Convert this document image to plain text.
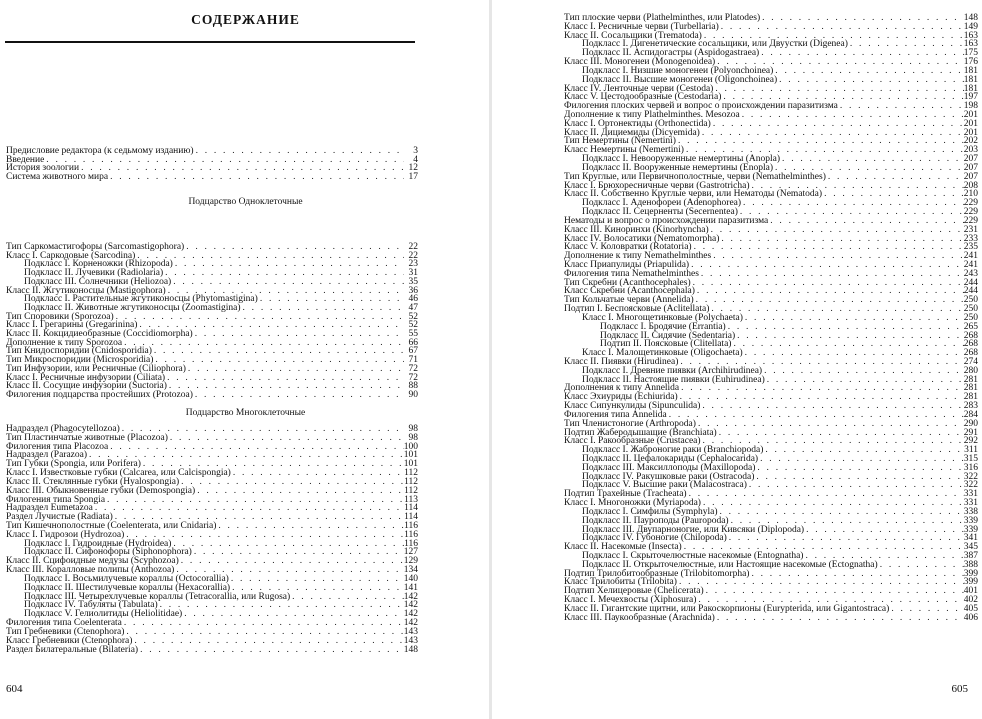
СОДЕРЖАНИЕ
Предисловие редактора (к седьмому изданию) . . .	3
Введение . . .	4
История зоологии . . .	12
Система животного мира . . .	17
Подцарство Одноклеточные
Тип Саркомастигофоры (Sarcomastigophora) . . .	22
Класс I. Саркодовые (Sarcodina) . . .	22
Подкласс I. Корненожки (Rhizopoda) . . .	23
Подкласс II. Лучевики (Radiolaria) . . .	31
Подкласс III. Солнечники (Heliozoa) . . .	35
Класс II. Жгутиконосцы (Mastigophora) . . .	36
Подкласс I. Растительные жгутиконосцы (Phytomastigina) . . .	46
Подкласс II. Животные жгутиконосцы (Zoomastigina) . . .	47
Тип Споровики (Sporozoa) . . .	52
Класс I. Грегарины (Gregarinina) . . .	52
Класс II. Кокцидиеобразные (Coccidiomorpha) . . .	55
Дополнение к типу Sporozoa . . .	66
Тип Книдоспоридии (Cnidosporidia) . . .	67
Тип Микроспоридии (Microsporidia) . . .	71
Тип Инфузории, или Ресничные (Ciliophora) . . .	72
Класс I. Ресничные инфузории (Ciliata) . . .	72
Класс II. Сосущие инфузории (Suctoria) . . .	88
Филогения подцарства простейших (Protozoa) . . .	90
Подцарство Многоклеточные
Надраздел (Phagocytellozoa) . . .	98
Тип Пластинчатые животные (Placozoa) . . .	98
Филогения типа Placozoa . . .	100
Надраздел (Parazoa) . . .	101
Тип Губки (Spongia, или Porifera) . . .	101
Класс I. Известковые губки (Calcarea, или Calcispongia) . . .	112
Класс II. Стеклянные губки (Hyalospongia) . . .	112
Класс III. Обыкновенные губки (Demospongia) . . .	112
Филогения типа Spongia . . .	113
Надраздел Eumetazoa . . .	114
Раздел Лучистые (Radiata) . . .	114
Тип Кишечнополостные (Coelenterata, или Cnidaria) . . .	116
Класс I. Гидрозои (Hydrozoa) . . .	116
Подкласс I. Гидроидные (Hydroidea) . . .	116
Подкласс II. Сифонофоры (Siphonophora) . . .	127
Класс II. Сцифоидные медузы (Scyphozoa) . . .	129
Класс III. Коралловые полипы (Anthozoa) . . .	134
Подкласс I. Восьмилучевые кораллы (Octocorallia) . . .	140
Подкласс II. Шестилучевые кораллы (Hexacorallia) . . .	141
Подкласс III. Четырехлучевые кораллы (Tetracorallia, или Rugosa) . . .	142
Подкласс IV. Табуляты (Tabulata) . . .	142
Подкласс V. Гелиолитиды (Heliolitidae) . . .	142
Филогения типа Coelenterata . . .	142
Тип Гребневики (Ctenophora) . . .	143
Класс Гребневики (Ctenophora) . . .	143
Раздел Билатеральные (Bilateria) . . .	148
604
Тип плоские черви (Plathelminthes, или Platodes) . . .	148
Класс I. Ресничные черви (Turbellaria) . . .	149
Класс II. Сосальщики (Trematoda) . . .	163
Подкласс I. Дигенетические сосальщики, или Двуустки (Digenea) . . .	163
Подкласс II. Аспидогастры (Aspidogastraea) . . .	175
Класс III. Моногенеи (Monogenoidea) . . .	176
Подкласс I. Низшие моногенеи (Polyonchoinea) . . .	181
Подкласс II. Высшие моногенеи (Oligonchoinea) . . .	181
Класс IV. Ленточные черви (Cestoda) . . .	181
Класс V. Цестодообразные (Cestodaria) . . .	197
Филогения плоских червей и вопрос о происхождении паразитизма . . .	198
Дополнение к типу Plathelminthes. Mesozoa . . .	201
Класс I. Ортонектиды (Orthonectida) . . .	201
Класс II. Дициемиды (Dicyemida) . . .	201
Тип Немертины (Nemertini) . . .	202
Класс Немертины (Nemertini) . . .	203
Подкласс I. Невооруженные немертины (Anopla) . . .	207
Подкласс II. Вооруженные немертины (Enopla) . . .	207
Тип Круглые, или Первичнополостные, черви (Nemathelminthes) . . .	207
Класс I. Брюхоресничные черви (Gastrotricha) . . .	208
Класс II. Собственно Круглые черви, или Нематоды (Nematoda) . . .	210
Подкласс I. Аденофореи (Adenophorea) . . .	229
Подкласс II. Сецерненты (Secernentea) . . .	229
Нематоды и вопрос о происхождении паразитизма . . .	229
Класс III. Киноринхи (Kinorhyncha) . . .	231
Класс IV. Волосатики (Nematomorpha) . . .	233
Класс V. Коловратки (Rotatoria) . . .	235
Дополнение к типу Nemathelminthes . . .	241
Класс Приапулиды (Priapulida) . . .	241
Филогения типа Nemathelminthes . . .	243
Тип Скребни (Acanthocephales) . . .	244
Класс Скребни (Acanthocephala) . . .	244
Тип Кольчатые черви (Annelida) . . .	250
Подтип I. Беспоясковые (Aclitellata) . . .	250
Класс I. Многощетинковые (Polychaeta) . . .	250
Подкласс I. Бродячие (Errantia) . . .	265
Подкласс II. Сидячие (Sedentaria) . . .	268
Подтип II. Поясковые (Clitellata) . . .	268
Класс I. Малощетинковые (Oligochaeta) . . .	268
Класс II. Пиявки (Hirudinea) . . .	274
Подкласс I. Древние пиявки (Archihirudinea) . . .	280
Подкласс II. Настоящие пиявки (Euhirudinea) . . .	281
Дополнения к типу Annelida . . .	281
Класс Эхиуриды (Echiurida) . . .	281
Класс Сипункулиды (Sipunculida) . . .	283
Филогения типа Annelida . . .	284
Тип Членистоногие (Arthropoda) . . .	290
Подтип Жаберодышащие (Branchiata) . . .	291
Класс I. Ракообразные (Crustacea) . . .	292
Подкласс I. Жаброногие раки (Branchiopoda) . . .	311
Подкласс II. Цефалокариды (Cephalocarida) . . .	315
Подкласс III. Максиллоподы (Maxillopoda) . . .	316
Подкласс IV. Ракушковые раки (Ostracoda) . . .	322
Подкласс V. Высшие раки (Malacostraca) . . .	322
Подтип Трахейные (Tracheata) . . .	331
Класс I. Многоножки (Myriapoda) . . .	331
Подкласс I. Симфилы (Symphyla) . . .	338
Подкласс II. Пауроподы (Pauropoda) . . .	339
Подкласс III. Двупарноногие, или Кивсяки (Diplopoda) . . .	339
Подкласс IV. Губоногие (Chilopoda) . . .	341
Класс II. Насекомые (Insecta) . . .	345
Подкласс I. Скрыточелюстные насекомые (Entognatha) . . .	387
Подкласс II. Открыточелюстные, или Настоящие насекомые (Ectognatha) . . .	388
Подтип Трилобитообразные (Trilobitomorpha) . . .	399
Класс Трилобиты (Trilobita) . . .	399
Подтип Хелицеровые (Chelicerata) . . .	401
Класс I. Мечехвосты (Xiphosura) . . .	402
Класс II. Гигантские щитни, или Ракоскорпионы (Eurypterida, или Gigantostraca) . . .	405
Класс III. Паукообразные (Arachnida) . . .	406
605
